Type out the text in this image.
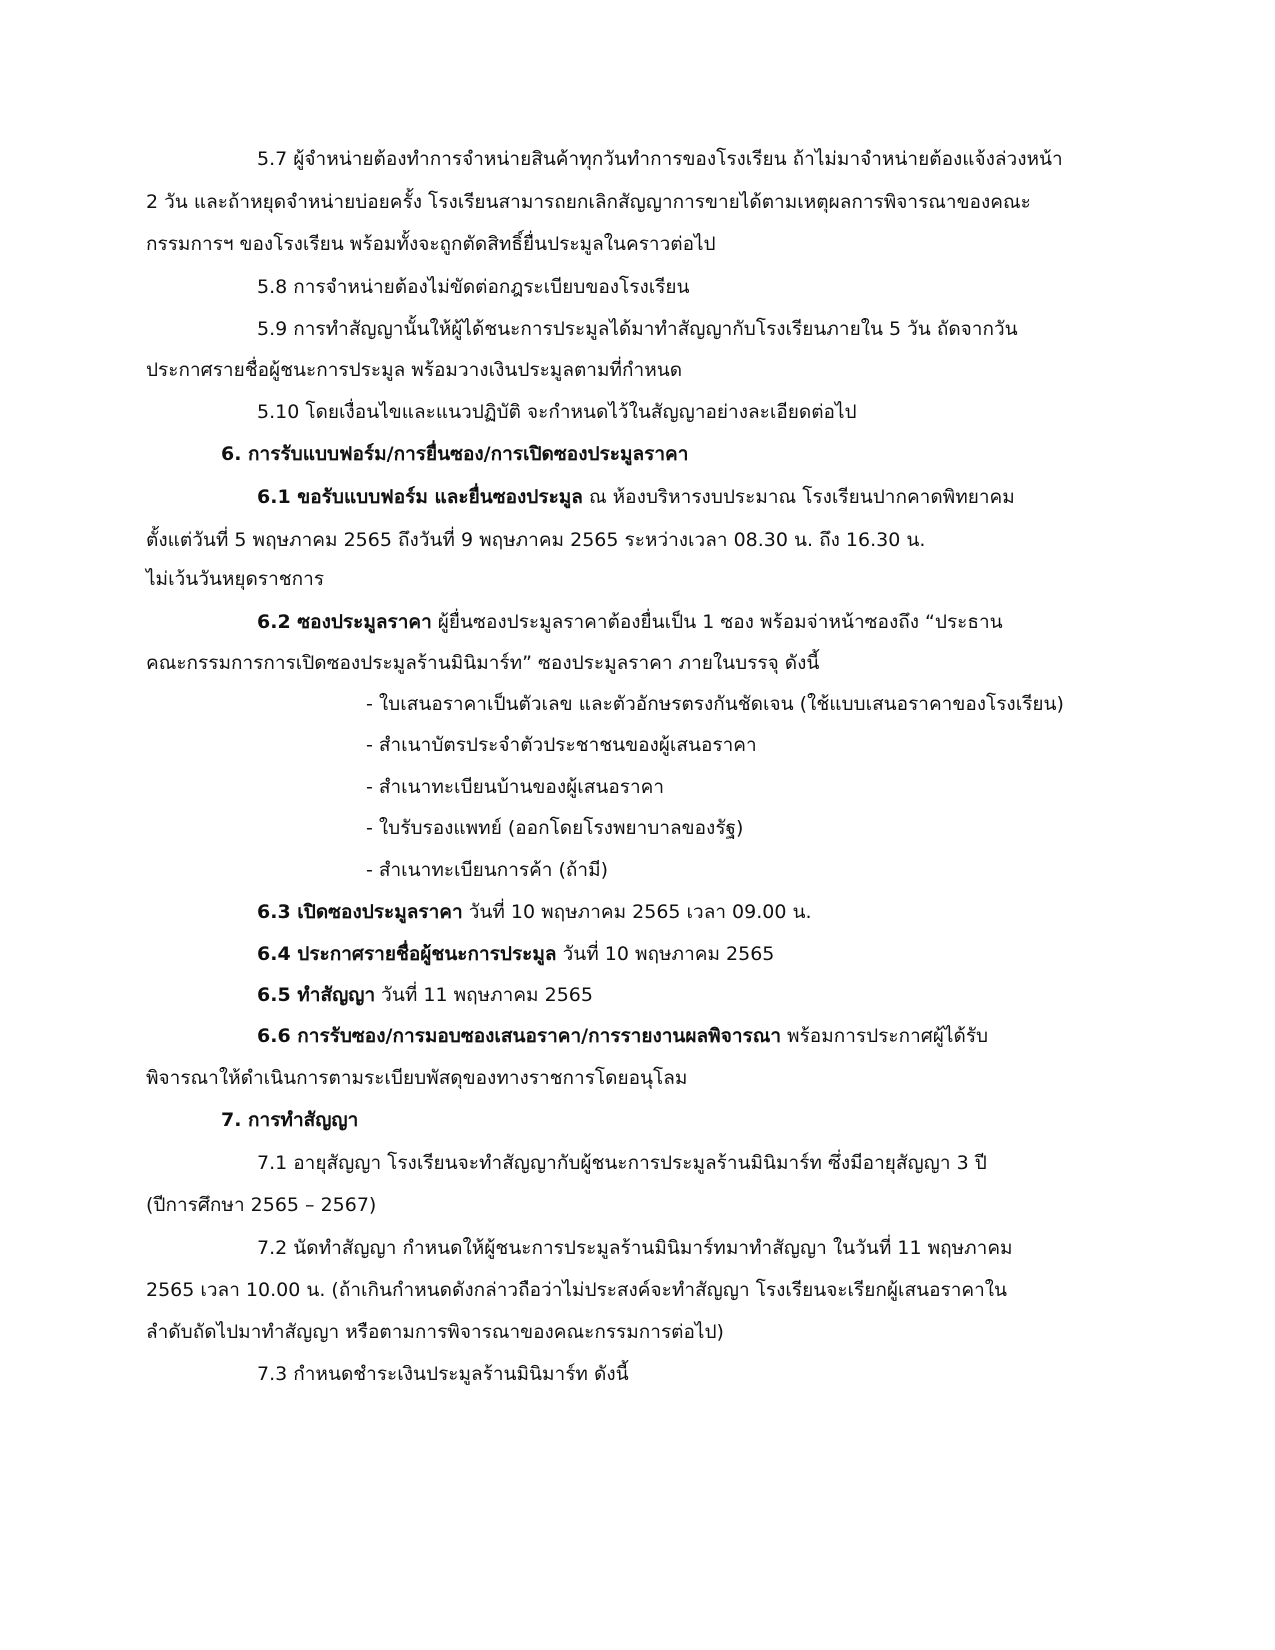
5.7 ผู้จำหน่ายต้องทำการจำหน่ายสินค้าทุกวันทำการของโรงเรียน ถ้าไม่มาจำหน่ายต้องแจ้งล่วงหน้า
2 วัน และถ้าหยุดจำหน่ายบ่อยครั้ง โรงเรียนสามารถยกเลิกสัญญาการขายได้ตามเหตุผลการพิจารณาของคณะ
กรรมการฯ ของโรงเรียน พร้อมทั้งจะถูกตัดสิทธิ์ยื่นประมูลในคราวต่อไป
5.8 การจำหน่ายต้องไม่ขัดต่อกฎระเบียบของโรงเรียน
5.9 การทำสัญญานั้นให้ผู้ได้ชนะการประมูลได้มาทำสัญญากับโรงเรียนภายใน 5 วัน ถัดจากวัน
ประกาศรายชื่อผู้ชนะการประมูล พร้อมวางเงินประมูลตามที่กำหนด
5.10 โดยเงื่อนไขและแนวปฏิบัติ จะกำหนดไว้ในสัญญาอย่างละเอียดต่อไป
6. การรับแบบฟอร์ม/การยื่นซอง/การเปิดซองประมูลราคา
6.1 ขอรับแบบฟอร์ม และยื่นซองประมูล ณ ห้องบริหารงบประมาณ โรงเรียนปากคาดพิทยาคม
ตั้งแต่วันที่ 5 พฤษภาคม 2565 ถึงวันที่ 9 พฤษภาคม 2565 ระหว่างเวลา 08.30 น. ถึง 16.30 น.
ไม่เว้นวันหยุดราชการ
6.2 ซองประมูลราคา ผู้ยื่นซองประมูลราคาต้องยื่นเป็น 1 ซอง พร้อมจ่าหน้าซองถึง “ประธาน
คณะกรรมการการเปิดซองประมูลร้านมินิมาร์ท” ซองประมูลราคา ภายในบรรจุ ดังนี้
- ใบเสนอราคาเป็นตัวเลข และตัวอักษรตรงกันชัดเจน (ใช้แบบเสนอราคาของโรงเรียน)
- สำเนาบัตรประจำตัวประชาชนของผู้เสนอราคา
- สำเนาทะเบียนบ้านของผู้เสนอราคา
- ใบรับรองแพทย์ (ออกโดยโรงพยาบาลของรัฐ)
- สำเนาทะเบียนการค้า (ถ้ามี)
6.3 เปิดซองประมูลราคา วันที่ 10 พฤษภาคม 2565 เวลา 09.00 น.
6.4 ประกาศรายชื่อผู้ชนะการประมูล วันที่ 10 พฤษภาคม 2565
6.5 ทำสัญญา วันที่ 11 พฤษภาคม 2565
6.6 การรับซอง/การมอบซองเสนอราคา/การรายงานผลพิจารณา พร้อมการประกาศผู้ได้รับ
พิจารณาให้ดำเนินการตามระเบียบพัสดุของทางราชการโดยอนุโลม
7. การทำสัญญา
7.1 อายุสัญญา โรงเรียนจะทำสัญญากับผู้ชนะการประมูลร้านมินิมาร์ท ซึ่งมีอายุสัญญา 3 ปี
(ปีการศึกษา 2565 – 2567)
7.2 นัดทำสัญญา กำหนดให้ผู้ชนะการประมูลร้านมินิมาร์ทมาทำสัญญา ในวันที่ 11 พฤษภาคม
2565 เวลา 10.00 น. (ถ้าเกินกำหนดดังกล่าวถือว่าไม่ประสงค์จะทำสัญญา โรงเรียนจะเรียกผู้เสนอราคาใน
ลำดับถัดไปมาทำสัญญา หรือตามการพิจารณาของคณะกรรมการต่อไป)
7.3 กำหนดชำระเงินประมูลร้านมินิมาร์ท ดังนี้
